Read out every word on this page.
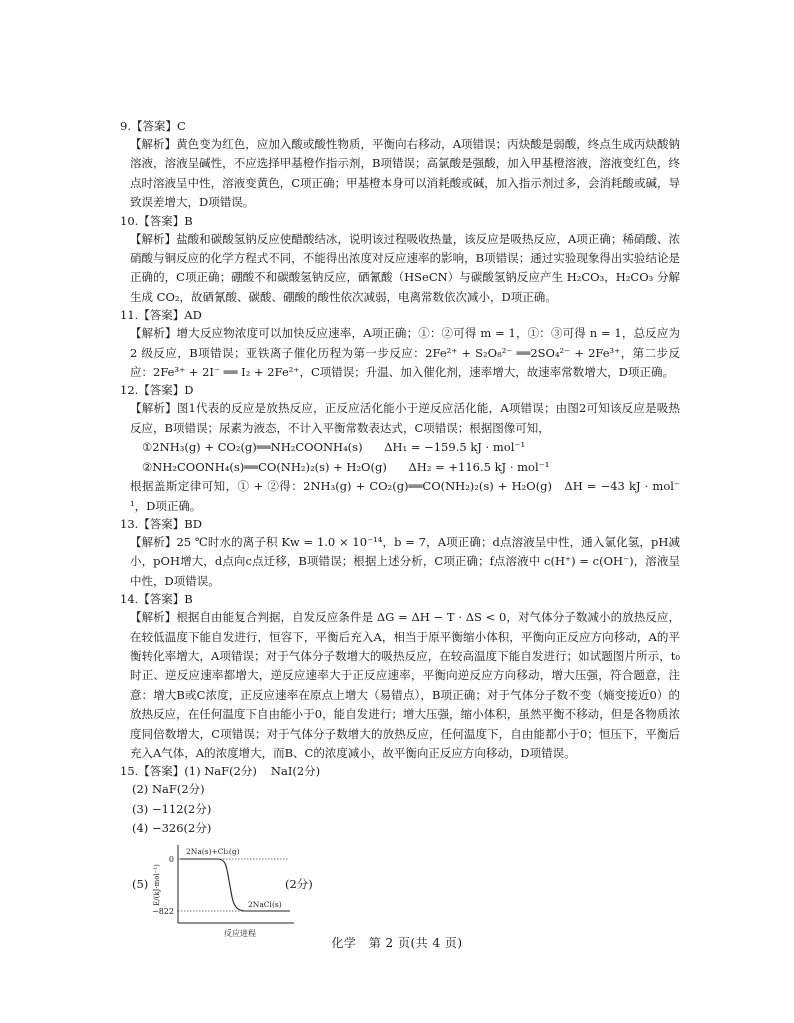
9.【答案】C
【解析】黄色变为红色，应加入酸或酸性物质，平衡向右移动，A项错误；丙炔酸是弱酸，终点生成丙炔酸钠溶液，溶液呈碱性，不应选择甲基橙作指示剂，B项错误；高氯酸是强酸，加入甲基橙溶液，溶液变红色，终点时溶液呈中性，溶液变黄色，C项正确；甲基橙本身可以消耗酸或碱，加入指示剂过多，会消耗酸或碱，导致误差增大，D项错误。
10.【答案】B
【解析】盐酸和碳酸氢钠反应使醋酸结冰，说明该过程吸收热量，该反应是吸热反应，A项正确；稀硝酸、浓硝酸与铜反应的化学方程式不同，不能得出浓度对反应速率的影响，B项错误；通过实验现象得出实验结论是正确的，C项正确；硼酸不和碳酸氢钠反应，硒氰酸（HSeCN）与碳酸氢钠反应产生 H₂CO₃，H₂CO₃ 分解生成 CO₂，故硒氰酸、碳酸、硼酸的酸性依次减弱，电离常数依次减小，D项正确。
11.【答案】AD
【解析】增大反应物浓度可以加快反应速率，A项正确；①：②可得 m = 1，①：③可得 n = 1，总反应为 2 级反应，B项错误；亚铁离子催化历程为第一步反应：2Fe²⁺ + S₂O₈²⁻ ══2SO₄²⁻ + 2Fe³⁺，第二步反应：2Fe³⁺ + 2I⁻ ══ I₂ + 2Fe²⁺，C项错误；升温、加入催化剂，速率增大，故速率常数增大，D项正确。
12.【答案】D
【解析】图1代表的反应是放热反应，正反应活化能小于逆反应活化能，A项错误；由图2可知该反应是吸热反应，B项错误；尿素为液态，不计入平衡常数表达式，C项错误；根据图像可知，
①2NH₃(g) + CO₂(g)══NH₂COONH₄(s) ΔH₁ = −159.5 kJ · mol⁻¹
②NH₂COONH₄(s)══CO(NH₂)₂(s) + H₂O(g) ΔH₂ = +116.5 kJ · mol⁻¹
根据盖斯定律可知，① + ②得：2NH₃(g) + CO₂(g)══CO(NH₂)₂(s) + H₂O(g)　ΔH = −43 kJ · mol⁻¹，D项正确。
13.【答案】BD
【解析】25 ℃时水的离子积 Kw = 1.0 × 10⁻¹⁴，b = 7，A项正确；d点溶液呈中性，通入氯化氢，pH减小，pOH增大，d点向c点迁移，B项错误；根据上述分析，C项正确；f点溶液中 c(H⁺) = c(OH⁻)，溶液呈中性，D项错误。
14.【答案】B
【解析】根据自由能复合判据，自发反应条件是 ΔG = ΔH − T · ΔS < 0，对气体分子数减小的放热反应，在较低温度下能自发进行，恒容下，平衡后充入A，相当于原平衡缩小体积，平衡向正反应方向移动，A的平衡转化率增大，A项错误；对于气体分子数增大的吸热反应，在较高温度下能自发进行；如试题图片所示，t₀时正、逆反应速率都增大，逆反应速率大于正反应速率，平衡向逆反应方向移动，增大压强，符合题意，注意：增大B或C浓度，正反应速率在原点上增大（易错点），B项正确；对于气体分子数不变（熵变接近0）的放热反应，在任何温度下自由能小于0，能自发进行；增大压强，缩小体积，虽然平衡不移动，但是各物质浓度同倍数增大，C项错误；对于气体分子数增大的放热反应，任何温度下，自由能都小于0；恒压下，平衡后充入A气体，A的浓度增大，而B、C的浓度减小，故平衡向正反应方向移动，D项错误。
15.【答案】(1) NaF(2分) NaI(2分)
(2) NaF(2分)
(3) −112(2分)
(4) −326(2分)
(5) E/(kJ·mol⁻¹)
0
−822
2Na(s)+Cl₂(g)
2NaCl(s)
反应进程
(2分)
化学 第 2 页(共 4 页)
